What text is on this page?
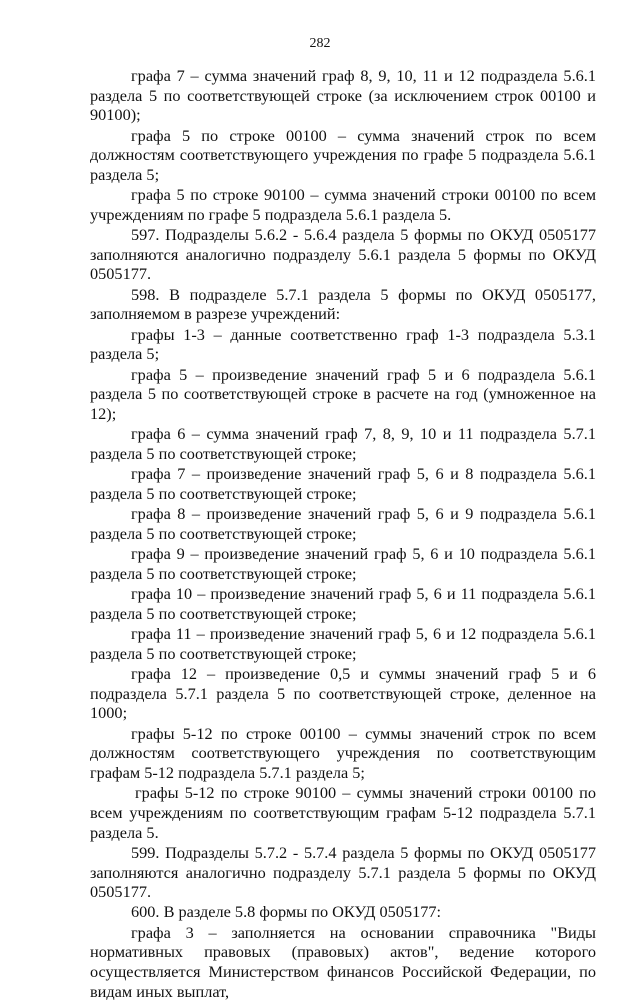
282

графа 7 – сумма значений граф 8, 9, 10, 11 и 12 подраздела 5.6.1 раздела 5 по соответствующей строке (за исключением строк 00100 и 90100);

графа 5 по строке 00100 – сумма значений строк по всем должностям соответствующего учреждения по графе 5 подраздела 5.6.1 раздела 5;

графа 5 по строке 90100 – сумма значений строки 00100 по всем учреждениям по графе 5 подраздела 5.6.1 раздела 5.

597. Подразделы 5.6.2 - 5.6.4 раздела 5 формы по ОКУД 0505177 заполняются аналогично подразделу 5.6.1 раздела 5 формы по ОКУД 0505177.

598. В подразделе 5.7.1 раздела 5 формы по ОКУД 0505177, заполняемом в разрезе учреждений:

графы 1-3 – данные соответственно граф 1-3 подраздела 5.3.1 раздела 5;

графа 5 – произведение значений граф 5 и 6 подраздела 5.6.1 раздела 5 по соответствующей строке в расчете на год (умноженное на 12);

графа 6 – сумма значений граф 7, 8, 9, 10 и 11 подраздела 5.7.1 раздела 5 по соответствующей строке;

графа 7 – произведение значений граф 5, 6 и 8 подраздела 5.6.1 раздела 5 по соответствующей строке;

графа 8 – произведение значений граф 5, 6 и 9 подраздела 5.6.1 раздела 5 по соответствующей строке;

графа 9 – произведение значений граф 5, 6 и 10 подраздела 5.6.1 раздела 5 по соответствующей строке;

графа 10 – произведение значений граф 5, 6 и 11 подраздела 5.6.1 раздела 5 по соответствующей строке;

графа 11 – произведение значений граф 5, 6 и 12 подраздела 5.6.1 раздела 5 по соответствующей строке;

графа 12 – произведение 0,5 и суммы значений граф 5 и 6 подраздела 5.7.1 раздела 5 по соответствующей строке, деленное на 1000;

графы 5-12 по строке 00100 – суммы значений строк по всем должностям соответствующего учреждения по соответствующим графам 5-12 подраздела 5.7.1 раздела 5;

графы 5-12 по строке 90100 – суммы значений строки 00100 по всем учреждениям по соответствующим графам 5-12 подраздела 5.7.1 раздела 5.

599. Подразделы 5.7.2 - 5.7.4 раздела 5 формы по ОКУД 0505177 заполняются аналогично подразделу 5.7.1 раздела 5 формы по ОКУД 0505177.

600. В разделе 5.8 формы по ОКУД 0505177:

графа 3 – заполняется на основании справочника "Виды нормативных правовых (правовых) актов", ведение которого осуществляется Министерством финансов Российской Федерации, по видам иных выплат,
